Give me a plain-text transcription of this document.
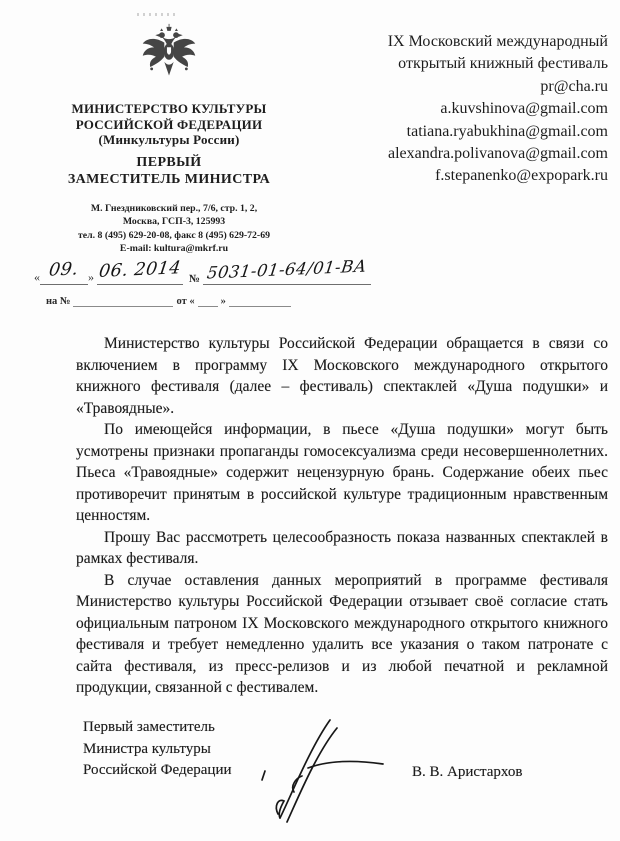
МИНИСТЕРСТВО КУЛЬТУРЫ
РОССИЙСКОЙ ФЕДЕРАЦИИ
(Минкультуры России)
ПЕРВЫЙ
ЗАМЕСТИТЕЛЬ МИНИСТРА
М. Гнездниковский пер., 7/6, стр. 1, 2,
Москва, ГСП-3, 125993
тел. 8 (495) 629-20-08, факс 8 (495) 629-72-69
E-mail: kultura@mkrf.ru
IX Московский международный
открытый книжный фестиваль
pr@cha.ru
a.kuvshinova@gmail.com
tatiana.ryabukhina@gmail.com
alexandra.polivanova@gmail.com
f.stepanenko@expopark.ru
« 09. » 06. 2014 № 5031-01-64/01-ВА
на №	от « »

Министерство культуры Российской Федерации обращается в связи со включением в программу IX Московского международного открытого книжного фестиваля (далее – фестиваль) спектаклей «Душа подушки» и «Травоядные».

По имеющейся информации, в пьесе «Душа подушки» могут быть усмотрены признаки пропаганды гомосексуализма среди несовершеннолетних. Пьеса «Травоядные» содержит нецензурную брань. Содержание обеих пьес противоречит принятым в российской культуре традиционным нравственным ценностям.

Прошу Вас рассмотреть целесообразность показа названных спектаклей в рамках фестиваля.

В случае оставления данных мероприятий в программе фестиваля Министерство культуры Российской Федерации отзывает своё согласие стать официальным патроном IX Московского международного открытого книжного фестиваля и требует немедленно удалить все указания о таком патронате с сайта фестиваля, из пресс-релизов и из любой печатной и рекламной продукции, связанной с фестивалем.

Первый заместитель
Министра культуры
Российской Федерации	В. В. Аристархов
